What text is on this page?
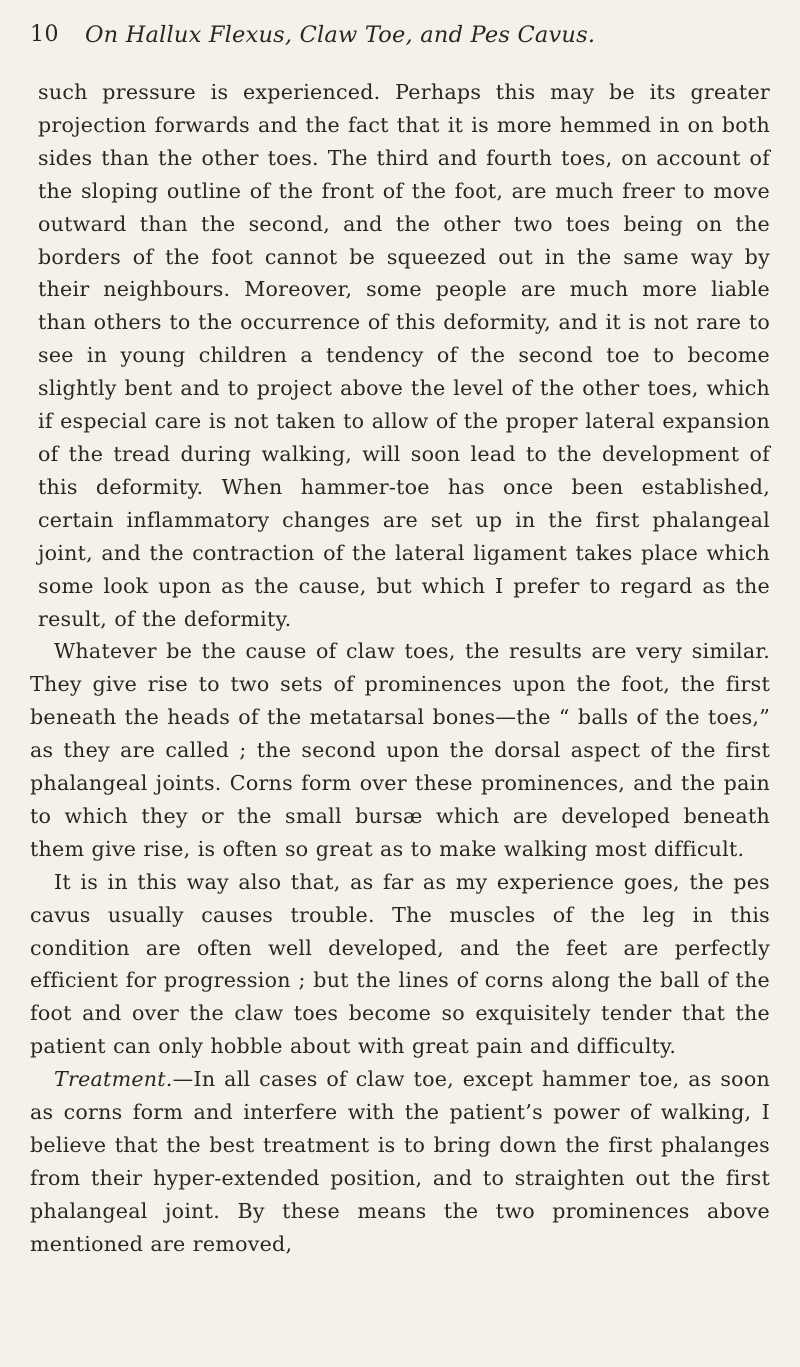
10 On Hallux Flexus, Claw Toe, and Pes Cavus.

such pressure is experienced. Perhaps this may be its greater projection forwards and the fact that it is more hemmed in on both sides than the other toes. The third and fourth toes, on account of the sloping outline of the front of the foot, are much freer to move outward than the second, and the other two toes being on the borders of the foot cannot be squeezed out in the same way by their neighbours. Moreover, some people are much more liable than others to the occurrence of this deformity, and it is not rare to see in young children a tendency of the second toe to become slightly bent and to project above the level of the other toes, which if especial care is not taken to allow of the proper lateral expansion of the tread during walking, will soon lead to the development of this deformity. When hammer-toe has once been established, certain inflammatory changes are set up in the first phalangeal joint, and the contraction of the lateral ligament takes place which some look upon as the cause, but which I prefer to regard as the result, of the deformity.

Whatever be the cause of claw toes, the results are very similar. They give rise to two sets of prominences upon the foot, the first beneath the heads of the metatarsal bones—the “ balls of the toes,” as they are called ; the second upon the dorsal aspect of the first phalangeal joints. Corns form over these prominences, and the pain to which they or the small bursæ which are developed beneath them give rise, is often so great as to make walking most difficult.

It is in this way also that, as far as my experience goes, the pes cavus usually causes trouble. The muscles of the leg in this condition are often well developed, and the feet are perfectly efficient for progression ; but the lines of corns along the ball of the foot and over the claw toes become so exquisitely tender that the patient can only hobble about with great pain and difficulty.

Treatment.—In all cases of claw toe, except hammer toe, as soon as corns form and interfere with the patient’s power of walking, I believe that the best treatment is to bring down the first phalanges from their hyper-extended position, and to straighten out the first phalangeal joint. By these means the two prominences above mentioned are removed,
